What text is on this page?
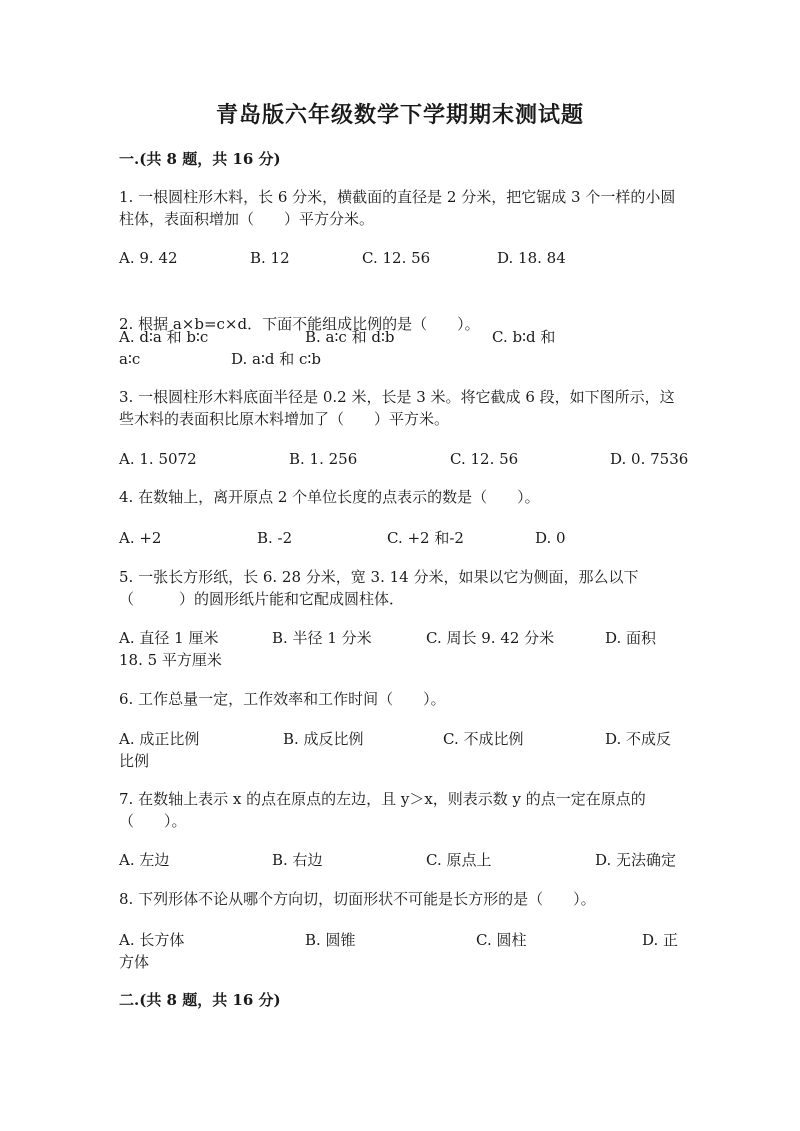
青岛版六年级数学下学期期末测试题
一.(共 8 题，共 16 分)
1. 一根圆柱形木料，长 6 分米，横截面的直径是 2 分米，把它锯成 3 个一样的小圆柱体，表面积增加（　　）平方分米。
A. 9. 42	B. 12	C. 12. 56	D. 18. 84
2. 根据 a×b=c×d．下面不能组成比例的是（　　）。
A. d∶a 和 b∶c	B. a∶c 和 d∶b	C. b∶d 和
a∶c	D. a∶d 和 c∶b
3. 一根圆柱形木料底面半径是 0.2 米，长是 3 米。将它截成 6 段，如下图所示，这些木料的表面积比原木料增加了（　　）平方米。
A. 1. 5072	B. 1. 256	C. 12. 56	D. 0. 7536
4. 在数轴上，离开原点 2 个单位长度的点表示的数是（　　）。
A. +2	B. -2	C. +2 和-2	D. 0
5. 一张长方形纸，长 6. 28 分米，宽 3. 14 分米，如果以它为侧面，那么以下（　　　）的圆形纸片能和它配成圆柱体．
A. 直径 1 厘米	B. 半径 1 分米	C. 周长 9. 42 分米	D. 面积
18. 5 平方厘米
6. 工作总量一定，工作效率和工作时间（　　）。
A. 成正比例	B. 成反比例	C. 不成比例	D. 不成反
比例
7. 在数轴上表示 x 的点在原点的左边，且 y＞x，则表示数 y 的点一定在原点的（　　）。
A. 左边	B. 右边	C. 原点上	D. 无法确定
8. 下列形体不论从哪个方向切，切面形状不可能是长方形的是（　　）。
A. 长方体	B. 圆锥	C. 圆柱	D. 正
方体
二.(共 8 题，共 16 分)
